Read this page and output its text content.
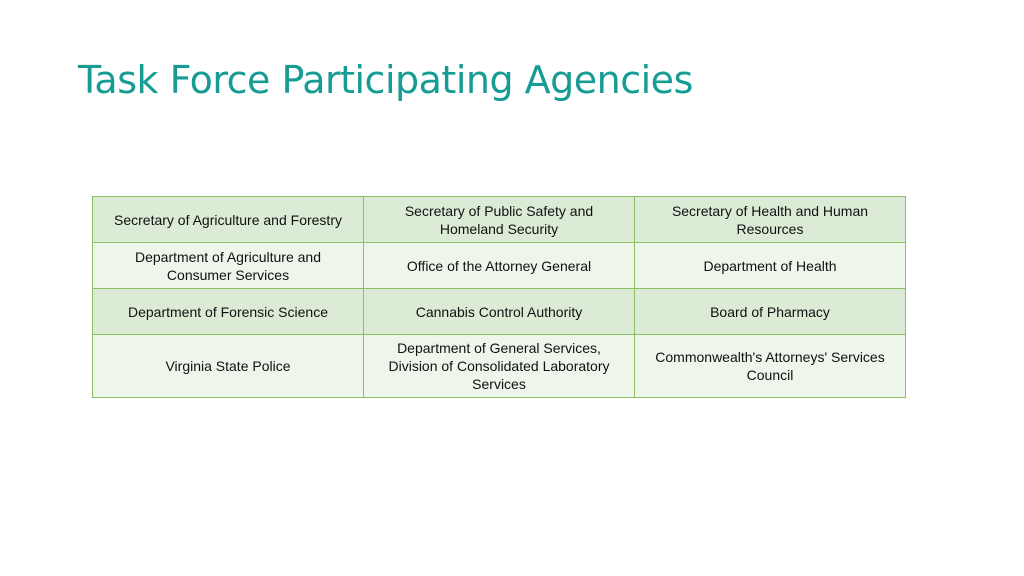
Task Force Participating Agencies
Secretary of Agriculture and Forestry	Secretary of Public Safety and Homeland Security	Secretary of Health and Human Resources
Department of Agriculture and Consumer Services	Office of the Attorney General	Department of Health
Department of Forensic Science	Cannabis Control Authority	Board of Pharmacy
Virginia State Police	Department of General Services, Division of Consolidated Laboratory Services	Commonwealth's Attorneys' Services Council
